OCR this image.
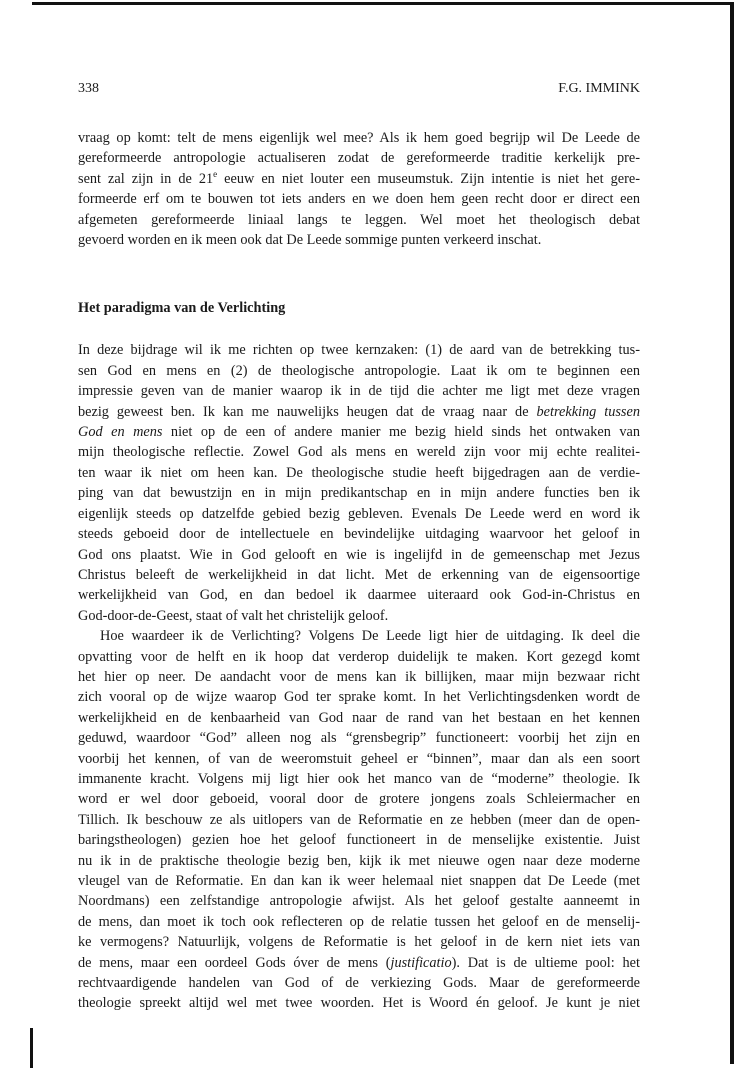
338	F.G. IMMINK
vraag op komt: telt de mens eigenlijk wel mee? Als ik hem goed begrijp wil De Leede de
gereformeerde antropologie actualiseren zodat de gereformeerde traditie kerkelijk pre-
sent zal zijn in de 21e eeuw en niet louter een museumstuk. Zijn intentie is niet het gere-
formeerde erf om te bouwen tot iets anders en we doen hem geen recht door er direct een
afgemeten gereformeerde liniaal langs te leggen. Wel moet het theologisch debat
gevoerd worden en ik meen ook dat De Leede sommige punten verkeerd inschat.
Het paradigma van de Verlichting
In deze bijdrage wil ik me richten op twee kernzaken: (1) de aard van de betrekking tus-
sen God en mens en (2) de theologische antropologie. Laat ik om te beginnen een
impressie geven van de manier waarop ik in de tijd die achter me ligt met deze vragen
bezig geweest ben. Ik kan me nauwelijks heugen dat de vraag naar de betrekking tussen
God en mens niet op de een of andere manier me bezig hield sinds het ontwaken van
mijn theologische reflectie. Zowel God als mens en wereld zijn voor mij echte realitei-
ten waar ik niet om heen kan. De theologische studie heeft bijgedragen aan de verdie-
ping van dat bewustzijn en in mijn predikantschap en in mijn andere functies ben ik
eigenlijk steeds op datzelfde gebied bezig gebleven. Evenals De Leede werd en word ik
steeds geboeid door de intellectuele en bevindelijke uitdaging waarvoor het geloof in
God ons plaatst. Wie in God gelooft en wie is ingelijfd in de gemeenschap met Jezus
Christus beleeft de werkelijkheid in dat licht. Met de erkenning van de eigensoortige
werkelijkheid van God, en dan bedoel ik daarmee uiteraard ook God-in-Christus en
God-door-de-Geest, staat of valt het christelijk geloof.
Hoe waardeer ik de Verlichting? Volgens De Leede ligt hier de uitdaging. Ik deel die
opvatting voor de helft en ik hoop dat verderop duidelijk te maken. Kort gezegd komt
het hier op neer. De aandacht voor de mens kan ik billijken, maar mijn bezwaar richt
zich vooral op de wijze waarop God ter sprake komt. In het Verlichtingsdenken wordt de
werkelijkheid en de kenbaarheid van God naar de rand van het bestaan en het kennen
geduwd, waardoor “God” alleen nog als “grensbegrip” functioneert: voorbij het zijn en
voorbij het kennen, of van de weeromstuit geheel er “binnen”, maar dan als een soort
immanente kracht. Volgens mij ligt hier ook het manco van de “moderne” theologie. Ik
word er wel door geboeid, vooral door de grotere jongens zoals Schleiermacher en
Tillich. Ik beschouw ze als uitlopers van de Reformatie en ze hebben (meer dan de open-
baringstheologen) gezien hoe het geloof functioneert in de menselijke existentie. Juist
nu ik in de praktische theologie bezig ben, kijk ik met nieuwe ogen naar deze moderne
vleugel van de Reformatie. En dan kan ik weer helemaal niet snappen dat De Leede (met
Noordmans) een zelfstandige antropologie afwijst. Als het geloof gestalte aanneemt in
de mens, dan moet ik toch ook reflecteren op de relatie tussen het geloof en de menselij-
ke vermogens? Natuurlijk, volgens de Reformatie is het geloof in de kern niet iets van
de mens, maar een oordeel Gods óver de mens (justificatio). Dat is de ultieme pool: het
rechtvaardigende handelen van God of de verkiezing Gods. Maar de gereformeerde
theologie spreekt altijd wel met twee woorden. Het is Woord én geloof. Je kunt je niet
